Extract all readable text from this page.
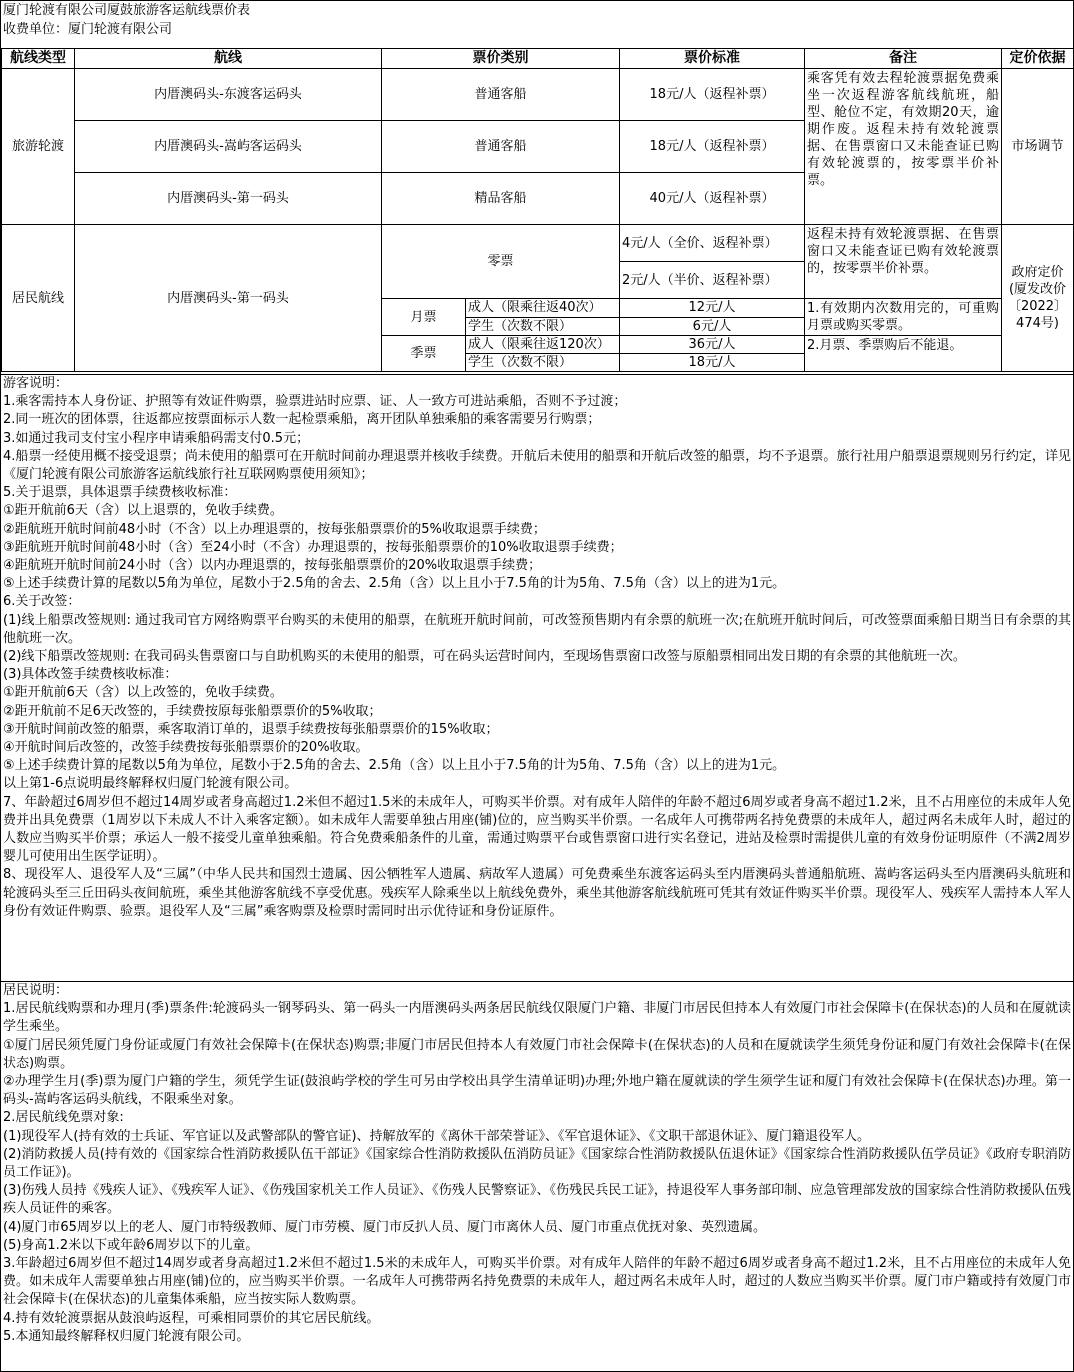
厦门轮渡有限公司厦鼓旅游客运航线票价表
收费单位：厦门轮渡有限公司
航线类型	航线	票价类别		票价标准	备注	定价依据
旅游轮渡	内厝澳码头-东渡客运码头	普通客船		18元/人（返程补票）	乘客凭有效去程轮渡票据免费乘坐一次返程游客航线航班，船型、舱位不定，有效期20天，逾期作废。返程未持有效轮渡票据、在售票窗口又未能查证已购有效轮渡票的，按零票半价补票。	市场调节
	内厝澳码头-嵩屿客运码头	普通客船		18元/人（返程补票）		
	内厝澳码头-第一码头	精品客船		40元/人（返程补票）		
居民航线	内厝澳码头-第一码头	零票		4元/人（全价、返程补票）	返程未持有效轮渡票据、在售票窗口又未能查证已购有效轮渡票的，按零票半价补票。	政府定价(厦发改价〔2022〕474号)
				2元/人（半价、返程补票）		
		月票	成人（限乘往返40次）	12元/人	1.有效期内次数用完的，可重购月票或购买零票。	
			学生（次数不限）	6元/人		
		季票	成人（限乘往返120次）	36元/人	2.月票、季票购后不能退。	
			学生（次数不限）	18元/人		
游客说明：
1.乘客需持本人身份证、护照等有效证件购票，验票进站时应票、证、人一致方可进站乘船，否则不予过渡；
2.同一班次的团体票，往返都应按票面标示人数一起检票乘船，离开团队单独乘船的乘客需要另行购票；
3.如通过我司支付宝小程序申请乘船码需支付0.5元；
4.船票一经使用概不接受退票；尚未使用的船票可在开航时间前办理退票并核收手续费。开航后未使用的船票和开航后改签的船票，均不予退票。旅行社用户船票退票规则另行约定，详见《厦门轮渡有限公司旅游客运航线旅行社互联网购票使用须知》；
5.关于退票，具体退票手续费核收标准：
①距开航前6天（含）以上退票的，免收手续费。
②距航班开航时间前48小时（不含）以上办理退票的，按每张船票票价的5%收取退票手续费；
③距航班开航时间前48小时（含）至24小时（不含）办理退票的，按每张船票票价的10%收取退票手续费；
④距航班开航时间前24小时（含）以内办理退票的，按每张船票票价的20%收取退票手续费；
⑤上述手续费计算的尾数以5角为单位，尾数小于2.5角的舍去、2.5角（含）以上且小于7.5角的计为5角、7.5角（含）以上的进为1元。
6.关于改签：
(1)线上船票改签规则: 通过我司官方网络购票平台购买的未使用的船票，在航班开航时间前，可改签预售期内有余票的航班一次;在航班开航时间后，可改签票面乘船日期当日有余票的其他航班一次。
(2)线下船票改签规则: 在我司码头售票窗口与自助机购买的未使用的船票，可在码头运营时间内，至现场售票窗口改签与原船票相同出发日期的有余票的其他航班一次。
(3)具体改签手续费核收标准：
①距开航前6天（含）以上改签的，免收手续费。
②距开航前不足6天改签的，手续费按原每张船票票价的5%收取；
③开航时间前改签的船票，乘客取消订单的，退票手续费按每张船票票价的15%收取；
④开航时间后改签的，改签手续费按每张船票票价的20%收取。
⑤上述手续费计算的尾数以5角为单位，尾数小于2.5角的舍去、2.5角（含）以上且小于7.5角的计为5角、7.5角（含）以上的进为1元。
以上第1-6点说明最终解释权归厦门轮渡有限公司。
7、年龄超过6周岁但不超过14周岁或者身高超过1.2米但不超过1.5米的未成年人，可购买半价票。对有成年人陪伴的年龄不超过6周岁或者身高不超过1.2米，且不占用座位的未成年人免费并出具免费票（1周岁以下未成人不计入乘客定额）。如未成年人需要单独占用座(铺)位的，应当购买半价票。一名成年人可携带两名持免费票的未成年人，超过两名未成年人时，超过的人数应当购买半价票；承运人一般不接受儿童单独乘船。符合免费乘船条件的儿童，需通过购票平台或售票窗口进行实名登记，进站及检票时需提供儿童的有效身份证明原件（不满2周岁婴儿可使用出生医学证明）。
8、现役军人、退役军人及“三属”（中华人民共和国烈士遗属、因公牺牲军人遗属、病故军人遗属）可免费乘坐东渡客运码头至内厝澳码头普通船航班、嵩屿客运码头至内厝澳码头航班和轮渡码头至三丘田码头夜间航班，乘坐其他游客航线不享受优惠。残疾军人除乘坐以上航线免费外，乘坐其他游客航线航班可凭其有效证件购买半价票。现役军人、残疾军人需持本人军人身份有效证件购票、验票。退役军人及“三属”乘客购票及检票时需同时出示优待证和身份证原件。
居民说明：
1.居民航线购票和办理月(季)票条件:轮渡码头一钢琴码头、第一码头一内厝澳码头两条居民航线仅限厦门户籍、非厦门市居民但持本人有效厦门市社会保障卡(在保状态)的人员和在厦就读学生乘坐。
①厦门居民须凭厦门身份证或厦门有效社会保障卡(在保状态)购票;非厦门市居民但持本人有效厦门市社会保障卡(在保状态)的人员和在厦就读学生须凭身份证和厦门有效社会保障卡(在保状态)购票。
②办理学生月(季)票为厦门户籍的学生，须凭学生证(鼓浪屿学校的学生可另由学校出具学生清单证明)办理;外地户籍在厦就读的学生须学生证和厦门有效社会保障卡(在保状态)办理。第一码头-嵩屿客运码头航线，不限乘坐对象。
2.居民航线免票对象:
(1)现役军人(持有效的士兵证、军官证以及武警部队的警官证)、持解放军的《离休干部荣誉证》、《军官退休证》、《文职干部退休证》、厦门籍退役军人。
(2)消防救援人员(持有效的《国家综合性消防救援队伍干部证》《国家综合性消防救援队伍消防员证》《国家综合性消防救援队伍退休证》《国家综合性消防救援队伍学员证》《政府专职消防员工作证》)。
(3)伤残人员持《残疾人证》、《残疾军人证》、《伤残国家机关工作人员证》、《伤残人民警察证》、《伤残民兵民工证》，持退役军人事务部印制、应急管理部发放的国家综合性消防救援队伍残疾人员证件的乘客。
(4)厦门市65周岁以上的老人、厦门市特级教师、厦门市劳模、厦门市反扒人员、厦门市离休人员、厦门市重点优抚对象、英烈遗属。
(5)身高1.2米以下或年龄6周岁以下的儿童。
3.年龄超过6周岁但不超过14周岁或者身高超过1.2米但不超过1.5米的未成年人，可购买半价票。对有成年人陪伴的年龄不超过6周岁或者身高不超过1.2米，且不占用座位的未成年人免费。如未成年人需要单独占用座(铺)位的，应当购买半价票。一名成年人可携带两名持免费票的未成年人，超过两名未成年人时，超过的人数应当购买半价票。厦门市户籍或持有效厦门市社会保障卡(在保状态)的儿童集体乘船，应当按实际人数购票。
4.持有效轮渡票据从鼓浪屿返程，可乘相同票价的其它居民航线。
5.本通知最终解释权归厦门轮渡有限公司。
